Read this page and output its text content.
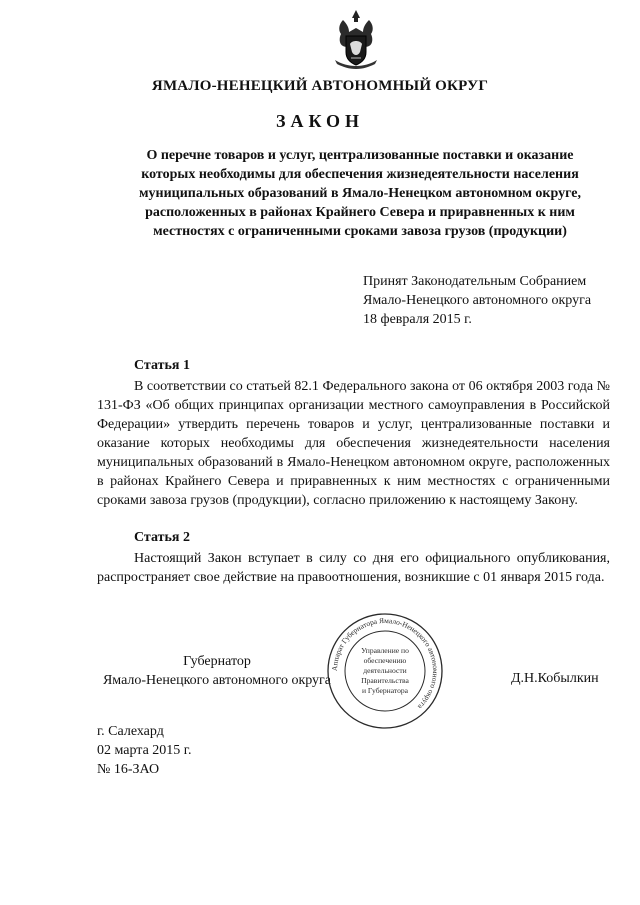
ЯМАЛО-НЕНЕЦКИЙ АВТОНОМНЫЙ ОКРУГ
ЗАКОН
О перечне товаров и услуг, централизованные поставки и оказание
которых необходимы для обеспечения жизнедеятельности населения
муниципальных образований в Ямало-Ненецком автономном округе,
расположенных в районах Крайнего Севера и приравненных к ним
местностях с ограниченными сроками завоза грузов (продукции)
Принят Законодательным Собранием
Ямало-Ненецкого автономного округа
18 февраля 2015 г.
Статья 1
В соответствии со статьей 82.1 Федерального закона от 06 октября 2003 года № 131-ФЗ «Об общих принципах организации местного самоуправления в Российской Федерации» утвердить перечень товаров и услуг, централизованные поставки и оказание которых необходимы для обеспечения жизнедеятельности населения муниципальных образований в Ямало-Ненецком автономном округе, расположенных в районах Крайнего Севера и приравненных к ним местностях с ограниченными сроками завоза грузов (продукции), согласно приложению к настоящему Закону.
Статья 2
Настоящий Закон вступает в силу со дня его официального опубликования, распространяет свое действие на правоотношения, возникшие с 01 января 2015 года.
Губернатор
Ямало-Ненецкого автономного округа	Д.Н.Кобылкин
Аппарат Губернатора Ямало-Ненецкого автономного округа
Управление по
обеспечению
деятельности
Правительства
и Губернатора
г. Салехард
02 марта 2015 г.
№ 16-ЗАО
